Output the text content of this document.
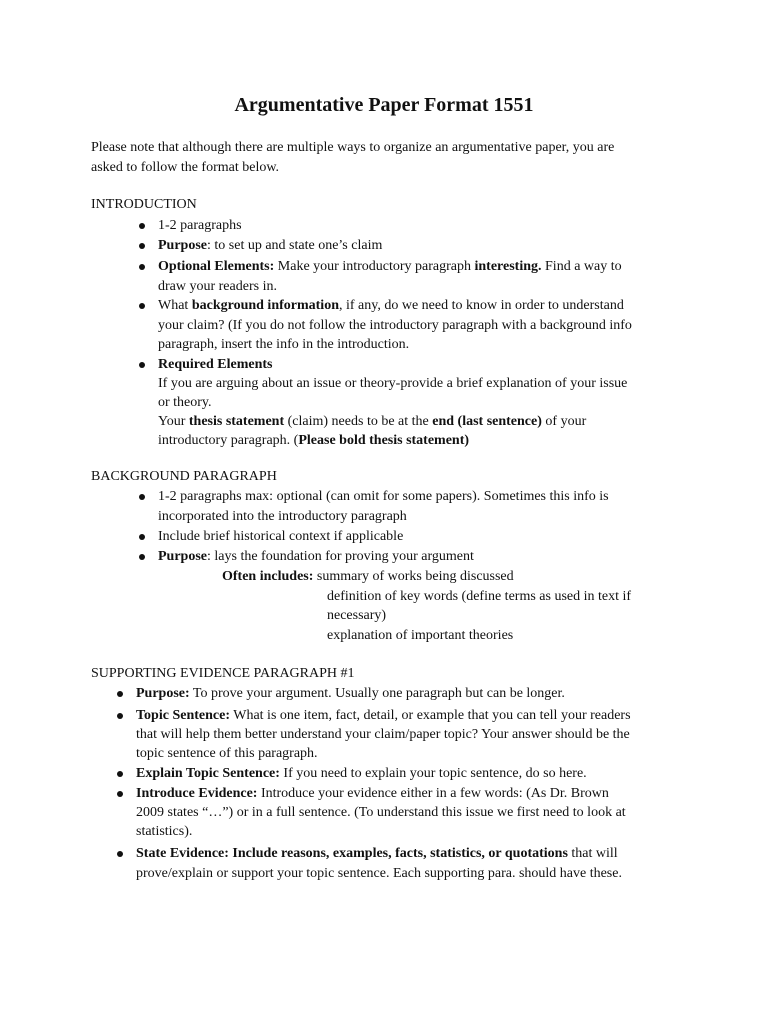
Argumentative Paper Format 1551
Please note that although there are multiple ways to organize an argumentative paper, you are
asked to follow the format below.
INTRODUCTION
1-2 paragraphs
Purpose: to set up and state one’s claim
Optional Elements: Make your introductory paragraph interesting. Find a way to
draw your readers in.
What background information, if any, do we need to know in order to understand
your claim? (If you do not follow the introductory paragraph with a background info
paragraph, insert the info in the introduction.
Required Elements
If you are arguing about an issue or theory-provide a brief explanation of your issue
or theory.
Your thesis statement (claim) needs to be at the end (last sentence) of your
introductory paragraph. (Please bold thesis statement)
BACKGROUND PARAGRAPH
1-2 paragraphs max: optional (can omit for some papers). Sometimes this info is
incorporated into the introductory paragraph
Include brief historical context if applicable
Purpose: lays the foundation for proving your argument
Often includes: summary of works being discussed
definition of key words (define terms as used in text if
necessary)
explanation of important theories
SUPPORTING EVIDENCE PARAGRAPH #1
Purpose: To prove your argument. Usually one paragraph but can be longer.
Topic Sentence: What is one item, fact, detail, or example that you can tell your readers
that will help them better understand your claim/paper topic? Your answer should be the
topic sentence of this paragraph.
Explain Topic Sentence: If you need to explain your topic sentence, do so here.
Introduce Evidence: Introduce your evidence either in a few words: (As Dr. Brown
2009 states “…”) or in a full sentence. (To understand this issue we first need to look at
statistics).
State Evidence: Include reasons, examples, facts, statistics, or quotations that will
prove/explain or support your topic sentence. Each supporting para. should have these.
